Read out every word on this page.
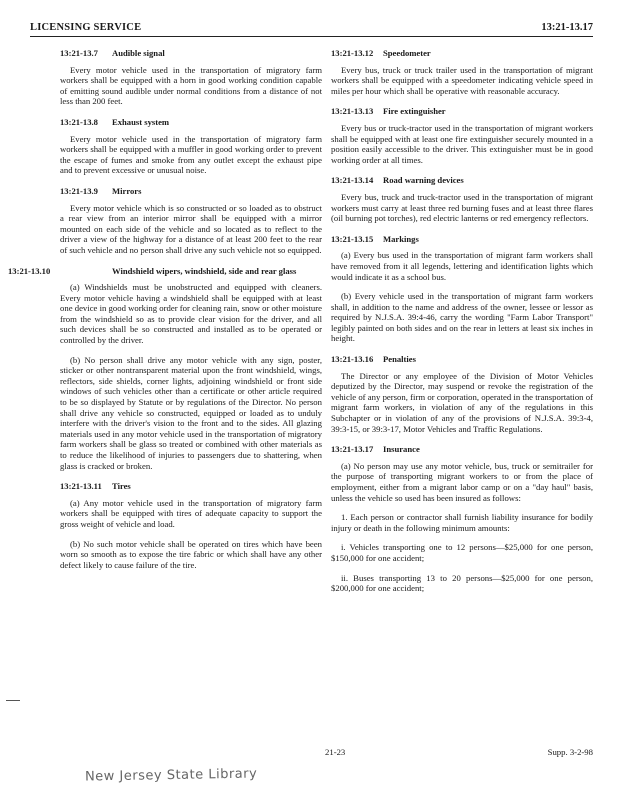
LICENSING SERVICE	13:21-13.17
13:21-13.7 Audible signal

Every motor vehicle used in the transportation of migratory farm workers shall be equipped with a horn in good working condition capable of emitting sound audible under normal conditions from a distance of not less than 200 feet.

13:21-13.8 Exhaust system

Every motor vehicle used in the transportation of migratory farm workers shall be equipped with a muffler in good working order to prevent the escape of fumes and smoke from any outlet except the exhaust pipe and to prevent excessive or unusual noise.

13:21-13.9 Mirrors

Every motor vehicle which is so constructed or so loaded as to obstruct a rear view from an interior mirror shall be equipped with a mirror mounted on each side of the vehicle and so located as to reflect to the driver a view of the highway for a distance of at least 200 feet to the rear of such vehicle and no person shall drive any such vehicle not so equipped.

13:21-13.10	Windshield wipers, windshield, side and rear glass

(a) Windshields must be unobstructed and equipped with cleaners. Every motor vehicle having a windshield shall be equipped with at least one device in good working order for cleaning rain, snow or other moisture from the windshield so as to provide clear vision for the driver, and all such devices shall be so constructed and installed as to be operated or controlled by the driver.

(b) No person shall drive any motor vehicle with any sign, poster, sticker or other nontransparent material upon the front windshield, wings, reflectors, side shields, corner lights, adjoining windshield or front side windows of such vehicles other than a certificate or other article required to be so displayed by Statute or by regulations of the Director. No person shall drive any vehicle so constructed, equipped or loaded as to unduly interfere with the driver's vision to the front and to the sides. All glazing materials used in any motor vehicle used in the transportation of migratory farm workers shall be glass so treated or combined with other materials as to reduce the likelihood of injuries to passengers due to shattering, when glass is cracked or broken.

13:21-13.11 Tires

(a) Any motor vehicle used in the transportation of migratory farm workers shall be equipped with tires of adequate capacity to support the gross weight of vehicle and load.

(b) No such motor vehicle shall be operated on tires which have been worn so smooth as to expose the tire fabric or which shall have any other defect likely to cause failure of the tire.

13:21-13.12 Speedometer

Every bus, truck or truck trailer used in the transportation of migrant workers shall be equipped with a speedometer indicating vehicle speed in miles per hour which shall be operative with reasonable accuracy.

13:21-13.13 Fire extinguisher

Every bus or truck-tractor used in the transportation of migrant workers shall be equipped with at least one fire extinguisher securely mounted in a position easily accessible to the driver. This extinguisher must be in good working order at all times.

13:21-13.14 Road warning devices

Every bus, truck and truck-tractor used in the transportation of migrant workers must carry at least three red burning fuses and at least three flares (oil burning pot torches), red electric lanterns or red emergency reflectors.

13:21-13.15 Markings

(a) Every bus used in the transportation of migrant farm workers shall have removed from it all legends, lettering and identification lights which would indicate it as a school bus.

(b) Every vehicle used in the transportation of migrant farm workers shall, in addition to the name and address of the owner, lessee or lessor as required by N.J.S.A. 39:4-46, carry the wording "Farm Labor Transport" legibly painted on both sides and on the rear in letters at least six inches in height.

13:21-13.16 Penalties

The Director or any employee of the Division of Motor Vehicles deputized by the Director, may suspend or revoke the registration of the vehicle of any person, firm or corporation, operated in the transportation of migrant farm workers, in violation of any of the regulations in this Subchapter or in violation of any of the provisions of N.J.S.A. 39:3-4, 39:3-15, or 39:3-17, Motor Vehicles and Traffic Regulations.

13:21-13.17 Insurance

(a) No person may use any motor vehicle, bus, truck or semitrailer for the purpose of transporting migrant workers to or from the place of employment, either from a migrant labor camp or on a "day haul" basis, unless the vehicle so used has been insured as follows:

1. Each person or contractor shall furnish liability insurance for bodily injury or death in the following minimum amounts:

i. Vehicles transporting one to 12 persons—$25,000 for one person, $150,000 for one accident;

ii. Buses transporting 13 to 20 persons—$25,000 for one person, $200,000 for one accident;

21-23	Supp. 3-2-98
New Jersey State Library
